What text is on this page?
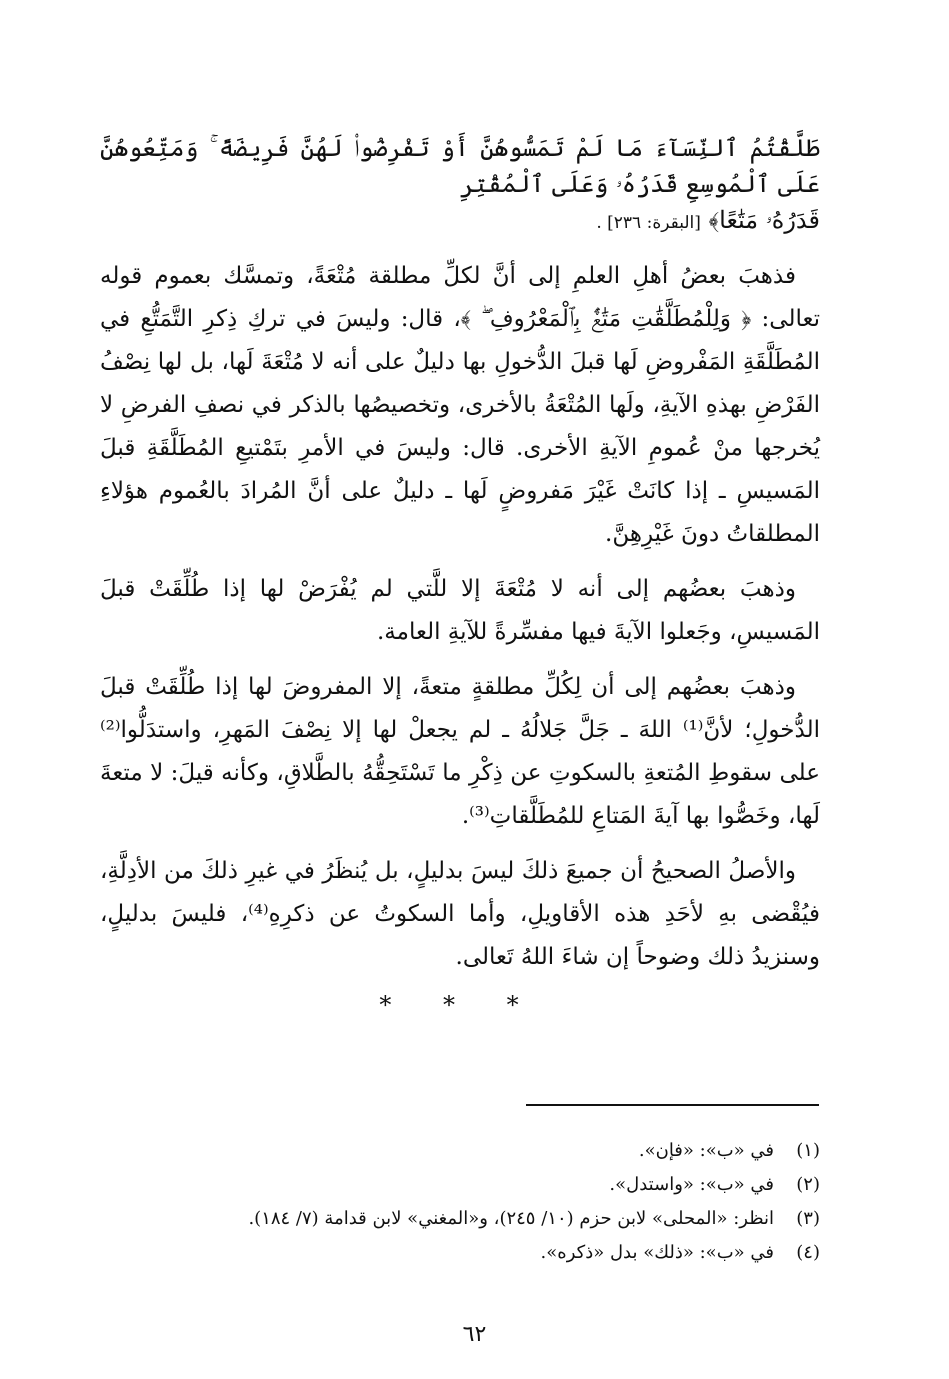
طَلَّقْتُمُ ٱلنِّسَآءَ مَا لَمْ تَمَسُّوهُنَّ أَوْ تَفْرِضُوا۟ لَهُنَّ فَرِيضَةً ۚ وَمَتِّعُوهُنَّ عَلَى ٱلْمُوسِعِ قَدَرُهُۥ وَعَلَى ٱلْمُقْتِرِ

قَدَرُهُۥ مَتَٰعًا﴾ [البقرة: ٢٣٦] .

فذهبَ بعضُ أهلِ العلمِ إلى أنَّ لكلِّ مطلقة مُتْعَةً، وتمسَّك بعموم قوله تعالى: ﴿ وَلِلْمُطَلَّقَٰتِ مَتَٰعٌۢ بِٱلْمَعْرُوفِ ۖ ﴾، قال: وليسَ في تركِ ذِكرِ التَّمَتُّعِ في المُطَلَّقَةِ المَفْروضِ لَها قبلَ الدُّخولِ بها دليلٌ على أنه لا مُتْعَةَ لَها، بل لها نِصْفُ الفَرْضِ بهذهِ الآيةِ، ولَها المُتْعَةُ بالأخرى، وتخصيصُها بالذكر في نصفِ الفرضِ لا يُخرجها منْ عُمومِ الآيةِ الأخرى. قال: وليسَ في الأمرِ بتَمْتيعِ المُطَلَّقَةِ قبلَ المَسيسِ ـ إذا كانَتْ غَيْرَ مَفروضٍ لَها ـ دليلٌ على أنَّ المُرادَ بالعُموم هؤلاءِ المطلقاتُ دونَ غَيْرِهِنَّ.

وذهبَ بعضُهم إلى أنه لا مُتْعَةَ إلا للَّتي لم يُفْرَضْ لها إذا طُلِّقَتْ قبلَ المَسيسِ، وجَعلوا الآيةَ فيها مفسِّرةً للآيةِ العامة.

وذهبَ بعضُهم إلى أن لِكُلِّ مطلقةٍ متعةً، إلا المفروضَ لها إذا طُلِّقَتْ قبلَ الدُّخولِ؛ لأنَّ⁽¹⁾ اللهَ ـ جَلَّ جَلالُهُ ـ لم يجعلْ لها إلا نِصْفَ المَهرِ، واستدَلُّوا⁽²⁾ على سقوطِ المُتعةِ بالسكوتِ عن ذِكْرِ ما تَسْتَحِقُّهُ بالطَّلاقِ، وكأنه قيلَ: لا متعةَ لَها، وخَصُّوا بها آيةَ المَتاعِ للمُطَلَّقاتِ⁽³⁾.

والأصلُ الصحيحُ أن جميعَ ذلكَ ليسَ بدليلٍ، بل يُنظَرُ في غيرِ ذلكَ من الأدِلَّةِ، فيُقْضى بهِ لأحَدِ هذه الأقاويلِ، وأما السكوتُ عن ذكرِهِ⁽⁴⁾، فليسَ بدليلٍ، وسنزيدُ ذلك وضوحاً إن شاءَ اللهُ تَعالى.

* * *
(١)
في «ب»: «فإن».
(٢)
في «ب»: «واستدل».
(٣)
انظر: «المحلى» لابن حزم (١٠/ ٢٤٥)، و«المغني» لابن قدامة (٧/ ١٨٤).
(٤)
في «ب»: «ذلك» بدل «ذكره».
٦٢
